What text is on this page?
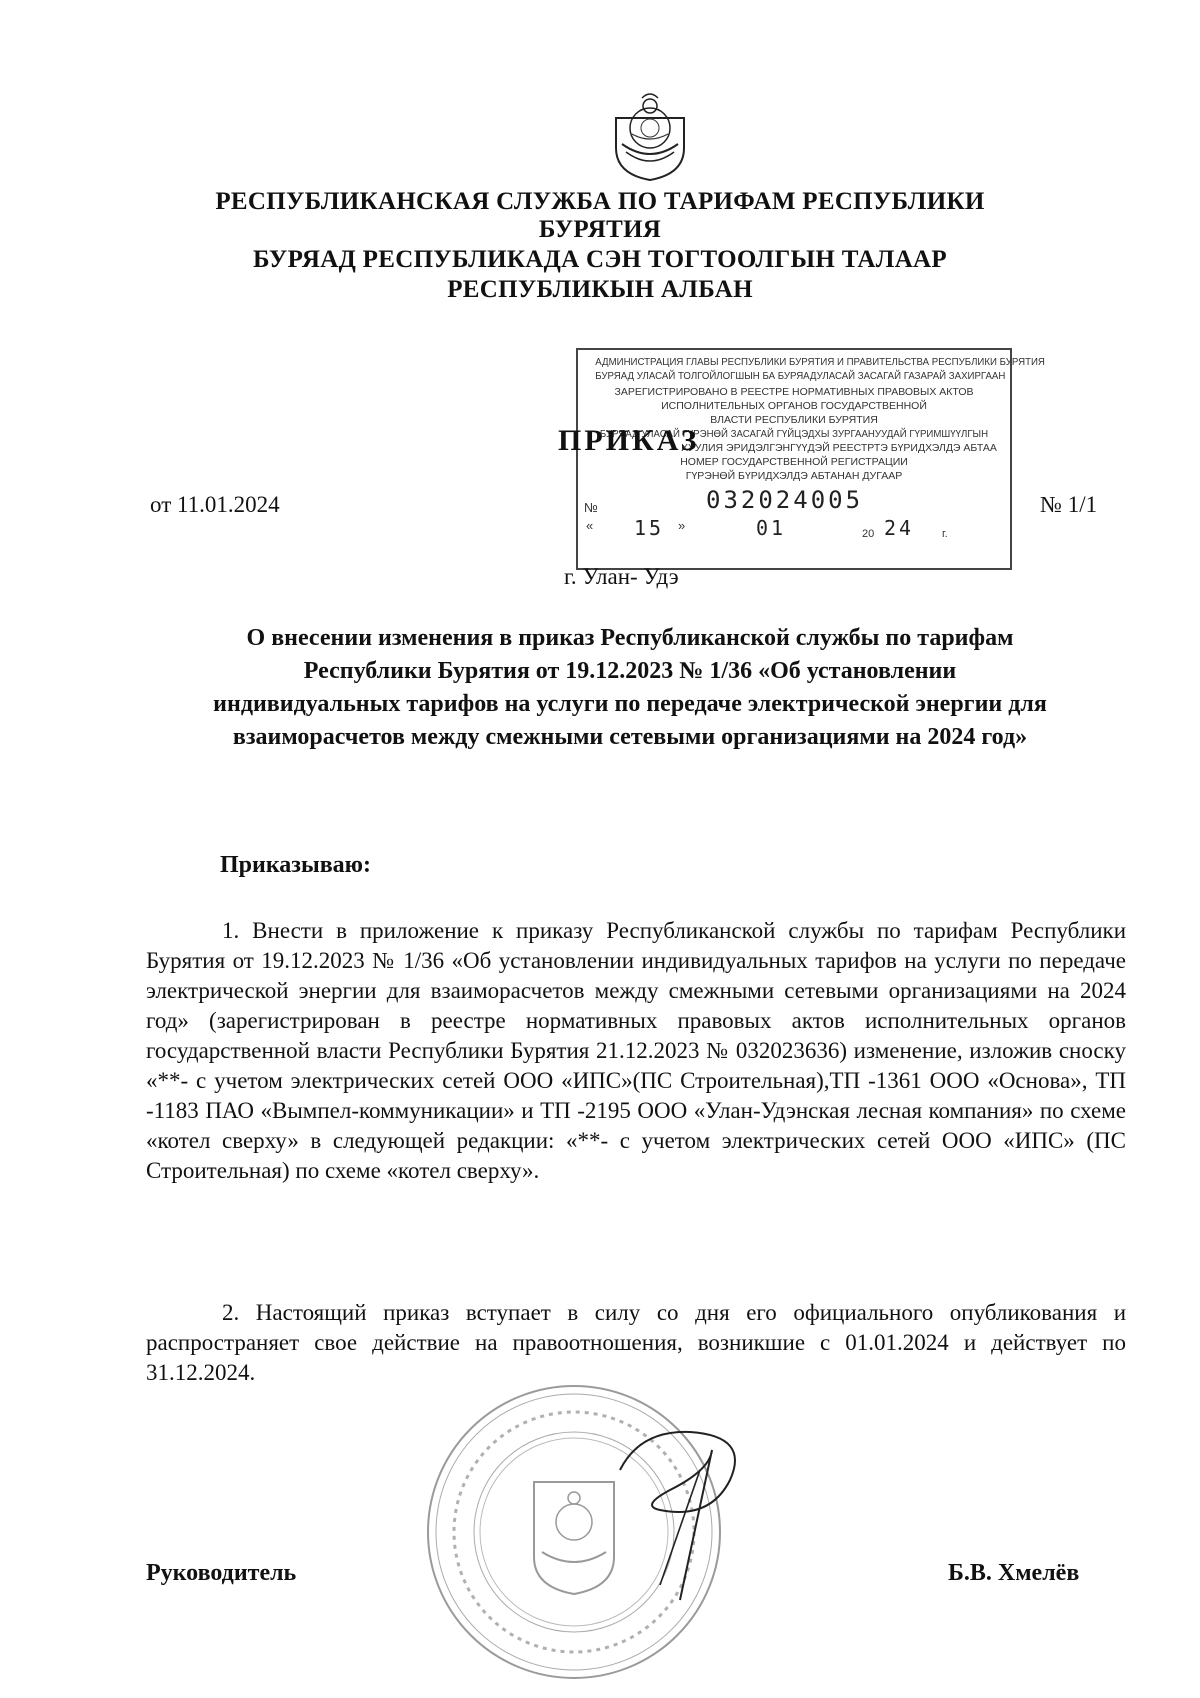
РЕСПУБЛИКАНСКАЯ СЛУЖБА ПО ТАРИФАМ РЕСПУБЛИКИ
БУРЯТИЯ
БУРЯАД РЕСПУБЛИКАДА СЭН ТОГТООЛГЫН ТАЛААР
РЕСПУБЛИКЫН АЛБАН
АДМИНИСТРАЦИЯ ГЛАВЫ РЕСПУБЛИКИ БУРЯТИЯ И ПРАВИТЕЛЬСТВА РЕСПУБЛИКИ БУРЯТИЯ
БУРЯАД УЛАСАЙ ТОЛГОЙЛОГШЫН БА БУРЯАДУЛАСАЙ ЗАСАГАЙ ГАЗАРАЙ ЗАХИРГААН
ЗАРЕГИСТРИРОВАНО В РЕЕСТРЕ НОРМАТИВНЫХ ПРАВОВЫХ АКТОВ
ИСПОЛНИТЕЛЬНЫХ ОРГАНОВ ГОСУДАРСТВЕННОЙ
ВЛАСТИ РЕСПУБЛИКИ БУРЯТИЯ
БУРЯАД УЛАСАЙ ГҮРЭНӨЙ ЗАСАГАЙ ГҮЙЦЭДХЫ ЗУРГААНУУДАЙ ГҮРИМШҮҮЛГЫН
ХУУЛИЯ ЭРИДЭЛГЭНГҮҮДЭЙ РЕЕСТРТЭ БҮРИДХЭЛДЭ АБТАА
НОМЕР ГОСУДАРСТВЕННОЙ РЕГИСТРАЦИИ
ГҮРЭНӨЙ БҮРИДХЭЛДЭ АБТАНАН ДУГААР
№	032024005
« 15 »	01	20 24	г.
ПРИКАЗ
от 11.01.2024	№ 1/1
г. Улан- Удэ
О внесении изменения в приказ Республиканской службы по тарифам
Республики Бурятия от 19.12.2023 № 1/36 «Об установлении
индивидуальных тарифов на услуги по передаче электрической энергии для
взаиморасчетов между смежными сетевыми организациями на 2024 год»
Приказываю:
1. Внести в приложение к приказу Республиканской службы по тарифам Республики Бурятия от 19.12.2023 № 1/36 «Об установлении индивидуальных тарифов на услуги по передаче электрической энергии для взаиморасчетов между смежными сетевыми организациями на 2024 год» (зарегистрирован в реестре нормативных правовых актов исполнительных органов государственной власти Республики Бурятия 21.12.2023 № 032023636) изменение, изложив сноску «**- с учетом электрических сетей ООО «ИПС»(ПС Строительная),ТП -1361 ООО «Основа», ТП -1183 ПАО «Вымпел-коммуникации» и ТП -2195 ООО «Улан-Удэнская лесная компания» по схеме «котел сверху» в следующей редакции: «**- с учетом электрических сетей ООО «ИПС» (ПС Строительная) по схеме «котел сверху».
2. Настоящий приказ вступает в силу со дня его официального опубликования и распространяет свое действие на правоотношения, возникшие с 01.01.2024 и действует по 31.12.2024.
Руководитель	Б.В. Хмелёв
